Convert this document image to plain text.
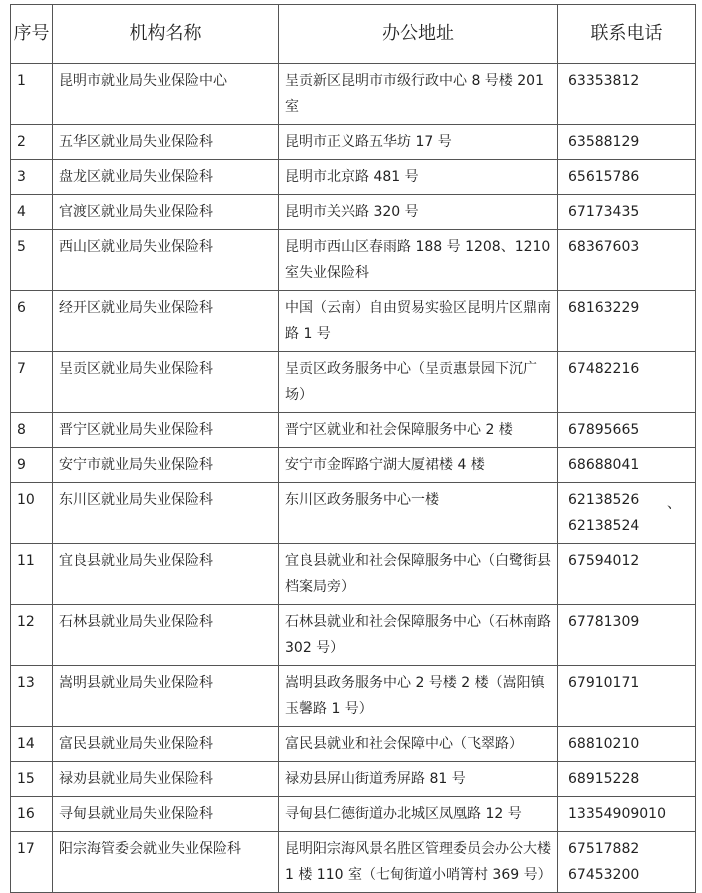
序号	机构名称	办公地址	联系电话
1	昆明市就业局失业保险中心	呈贡新区昆明市市级行政中心 8 号楼 201 室	63353812

2	五华区就业局失业保险科	昆明市正义路五华坊 17 号	63588129

3	盘龙区就业局失业保险科	昆明市北京路 481 号	65615786

4	官渡区就业局失业保险科	昆明市关兴路 320 号	67173435

5	西山区就业局失业保险科	昆明市西山区春雨路 188 号 1208、1210 室失业保险科	68367603

6	经开区就业局失业保险科	中国（云南）自由贸易实验区昆明片区鼎南路 1 号	68163229

7	呈贡区就业局失业保险科	呈贡区政务服务中心（呈贡惠景园下沉广场）	67482216

8	晋宁区就业局失业保险科	晋宁区就业和社会保障服务中心 2 楼	67895665

9	安宁市就业局失业保险科	安宁市金晖路宁湖大厦裙楼 4 楼	68688041

10	东川区就业局失业保险科	东川区政务服务中心一楼	62138526 、
62138524

11	宜良县就业局失业保险科	宜良县就业和社会保障服务中心（白鹭街县档案局旁）	67594012

12	石林县就业局失业保险科	石林县就业和社会保障服务中心（石林南路 302 号）	67781309

13	嵩明县就业局失业保险科	嵩明县政务服务中心 2 号楼 2 楼（嵩阳镇玉馨路 1 号）	67910171

14	富民县就业局失业保险科	富民县就业和社会保障中心（飞翠路）	68810210

15	禄劝县就业局失业保险科	禄劝县屏山街道秀屏路 81 号	68915228

16	寻甸县就业局失业保险科	寻甸县仁德街道办北城区凤凰路 12 号	13354909010

17	阳宗海管委会就业失业保险科	昆明阳宗海风景名胜区管理委员会办公大楼 1 楼 110 室（七甸街道小哨箐村 369 号）	67517882
67453200
